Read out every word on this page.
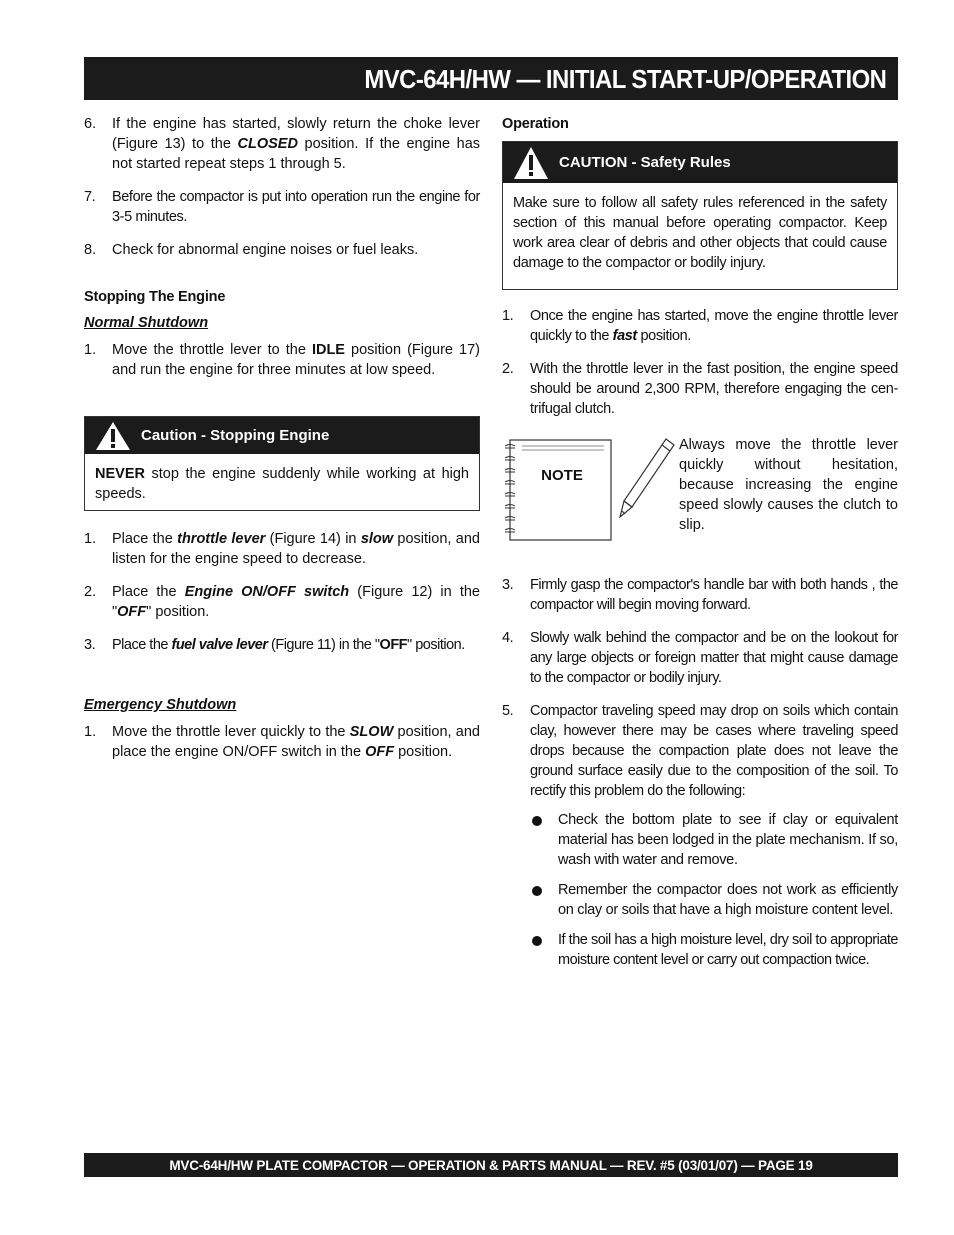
MVC-64H/HW — INITIAL START-UP/OPERATION
6. If the engine has started, slowly return the choke lever (Figure 13) to the CLOSED position. If the engine has not started repeat steps 1 through 5.
7. Before the compactor is put into operation run the engine for 3-5 minutes.
8. Check for abnormal engine noises or fuel leaks.
Stopping The Engine
Normal Shutdown
1. Move the throttle lever to the IDLE position (Figure 17) and run the engine for three minutes at low speed.
Caution - Stopping Engine
NEVER stop the engine suddenly while working at high speeds.
1. Place the throttle lever (Figure 14) in slow position, and listen for the engine speed to decrease.
2. Place the Engine ON/OFF switch (Figure 12) in the "OFF" position.
3. Place the fuel valve lever (Figure 11) in the "OFF" position.
Emergency Shutdown
1. Move the throttle lever quickly to the SLOW position, and place the engine ON/OFF switch in the OFF position.
Operation
CAUTION - Safety Rules
Make sure to follow all safety rules referenced in the safety section of this manual before operating compactor. Keep work area clear of debris and other objects that could cause damage to the compactor or bodily injury.
1. Once the engine has started, move the engine throttle lever quickly to the fast position.
2. With the throttle lever in the fast position, the engine speed should be around 2,300 RPM, therefore engaging the cen-trifugal clutch.
NOTE
Always move the throttle lever quickly without hesitation, because increasing the engine speed slowly causes the clutch to slip.
3. Firmly gasp the compactor's handle bar with both hands , the compactor will begin moving forward.
4. Slowly walk behind the compactor and be on the lookout for any large objects or foreign matter that might cause damage to the compactor or bodily injury.
5. Compactor traveling speed may drop on soils which contain clay, however there may be cases where traveling speed drops because the compaction plate does not leave the ground surface easily due to the composition of the soil. To rectify this problem do the following:
Check the bottom plate to see if clay or equivalent material has been lodged in the plate mechanism. If so, wash with water and remove.
Remember the compactor does not work as efficiently on clay or soils that have a high moisture content level.
If the soil has a high moisture level, dry soil to appropriate moisture content level or carry out compaction twice.
MVC-64H/HW PLATE COMPACTOR — OPERATION & PARTS MANUAL — REV. #5 (03/01/07) — PAGE 19
